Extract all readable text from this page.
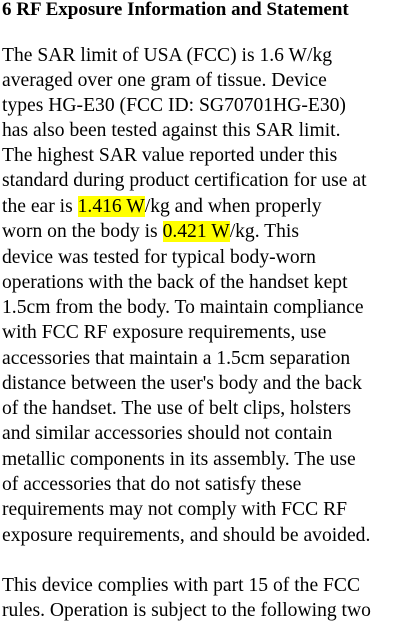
6 RF Exposure Information and Statement
The SAR limit of USA (FCC) is 1.6 W/kg
averaged over one gram of tissue. Device
types HG-E30 (FCC ID: SG70701HG-E30)
has also been tested against this SAR limit.
The highest SAR value reported under this
standard during product certification for use at
the ear is 1.416 W/kg and when properly
worn on the body is 0.421 W/kg. This
device was tested for typical body-worn
operations with the back of the handset kept
1.5cm from the body. To maintain compliance
with FCC RF exposure requirements, use
accessories that maintain a 1.5cm separation
distance between the user's body and the back
of the handset. The use of belt clips, holsters
and similar accessories should not contain
metallic components in its assembly. The use
of accessories that do not satisfy these
requirements may not comply with FCC RF
exposure requirements, and should be avoided.
This device complies with part 15 of the FCC
rules. Operation is subject to the following two
